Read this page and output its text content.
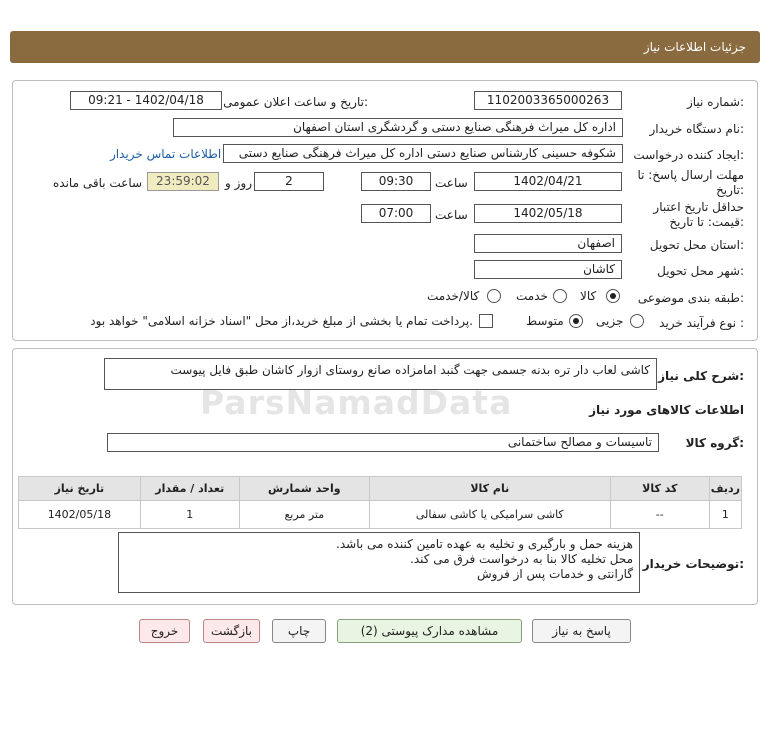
جزئیات اطلاعات نیاز
شماره نیاز:
1102003365000263
تاریخ و ساعت اعلان عمومی:
1402/04/18 - 09:21
نام دستگاه خریدار:
اداره کل میراث فرهنگی صنایع دستی و گردشگری استان اصفهان
ایجاد کننده درخواست:
شکوفه حسینی کارشناس صنایع دستی اداره کل میراث فرهنگی صنایع دستی
اطلاعات تماس خریدار
مهلت ارسال پاسخ: تا
تاریخ:
1402/04/21
ساعت
09:30
2
روز و
23:59:02
ساعت باقی مانده
حداقل تاریخ اعتبار
قیمت: تا تاریخ:
1402/05/18
ساعت
07:00
استان محل تحویل:
اصفهان
شهر محل تحویل:
کاشان
طبقه بندی موضوعی:
کالا
خدمت
کالا/خدمت
نوع فرآیند خرید :
جزیی
متوسط
پرداخت تمام یا بخشی از مبلغ خرید،از محل "اسناد خزانه اسلامی" خواهد بود.
شرح کلی نیاز:
کاشی لعاب دار تره بدنه جسمی جهت گنبد امامزاده صانع روستای ازوار کاشان طبق فایل پیوست
اطلاعات کالاهای مورد نیاز
گروه کالا:
تاسیسات و مصالح ساختمانی
ردیف	کد کالا	نام کالا	واحد شمارش	تعداد / مقدار	تاریخ نیاز
1	--	کاشی سرامیکی یا کاشی سفالی	متر مربع	1	1402/05/18
توضیحات خریدار:
هزینه حمل و بارگیری و تخلیه به عهده تامین کننده می باشد.
محل تخلیه کالا بنا به درخواست فرق می کند.
گارانتی و خدمات پس از فروش
پاسخ به نیاز
مشاهده مدارک پیوستی (2)
چاپ
بازگشت
خروج
